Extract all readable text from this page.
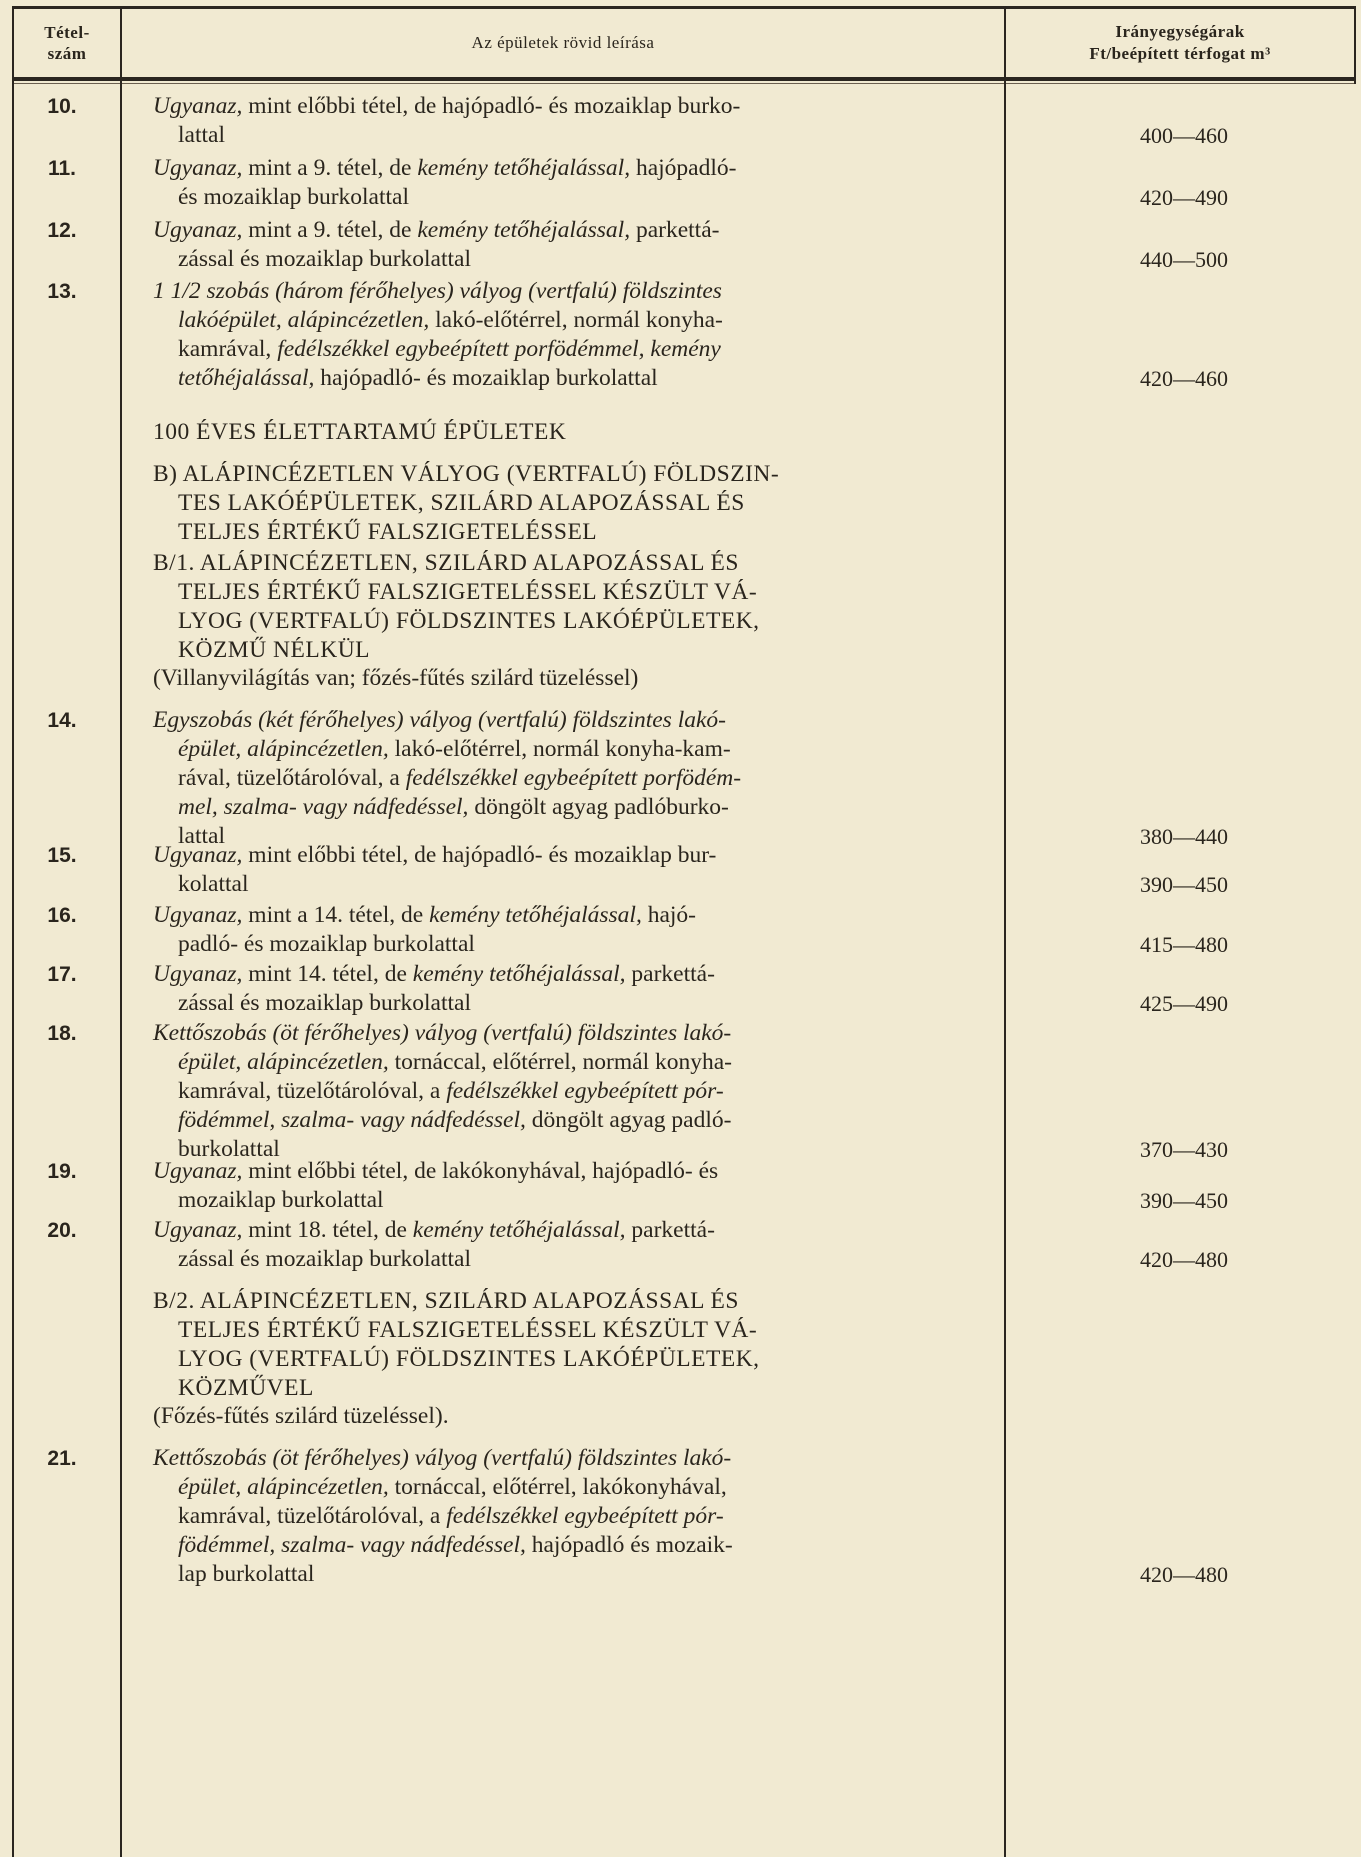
Tétel-
szám
Az épületek rövid leírása
Irányegységárak
Ft/beépített térfogat m³
10.	Ugyanaz, mint előbbi tétel, de hajópadló- és mozaiklap burko-
lattal	400—460
11.	Ugyanaz, mint a 9. tétel, de kemény tetőhéjalással, hajópadló-
és mozaiklap burkolattal	420—490
12.	Ugyanaz, mint a 9. tétel, de kemény tetőhéjalással, parkettá-
zással és mozaiklap burkolattal	440—500
13.	1 1/2 szobás (három férőhelyes) vályog (vertfalú) földszintes
lakóépület, alápincézetlen, lakó-előtérrel, normál konyha-
kamrával, fedélszékkel egybeépített porfödémmel, kemény
tetőhéjalással, hajópadló- és mozaiklap burkolattal	420—460
100 ÉVES ÉLETTARTAMÚ ÉPÜLETEK
B) ALÁPINCÉZETLEN VÁLYOG (VERTFALÚ) FÖLDSZIN-
TES LAKÓÉPÜLETEK, SZILÁRD ALAPOZÁSSAL ÉS
TELJES ÉRTÉKŰ FALSZIGETELÉSSEL
B/1. ALÁPINCÉZETLEN, SZILÁRD ALAPOZÁSSAL ÉS
TELJES ÉRTÉKŰ FALSZIGETELÉSSEL KÉSZÜLT VÁ-
LYOG (VERTFALÚ) FÖLDSZINTES LAKÓÉPÜLETEK,
KÖZMŰ NÉLKÜL
(Villanyvilágítás van; főzés-fűtés szilárd tüzeléssel)
14.	Egyszobás (két férőhelyes) vályog (vertfalú) földszintes lakó-
épület, alápincézetlen, lakó-előtérrel, normál konyha-kam-
rával, tüzelőtárolóval, a fedélszékkel egybeépített porfödém-
mel, szalma- vagy nádfedéssel, döngölt agyag padlóburko-
lattal	380—440
15.	Ugyanaz, mint előbbi tétel, de hajópadló- és mozaiklap bur-
kolattal	390—450
16.	Ugyanaz, mint a 14. tétel, de kemény tetőhéjalással, hajó-
padló- és mozaiklap burkolattal	415—480
17.	Ugyanaz, mint 14. tétel, de kemény tetőhéjalással, parkettá-
zással és mozaiklap burkolattal	425—490
18.	Kettőszobás (öt férőhelyes) vályog (vertfalú) földszintes lakó-
épület, alápincézetlen, tornáccal, előtérrel, normál konyha-
kamrával, tüzelőtárolóval, a fedélszékkel egybeépített pór-
födémmel, szalma- vagy nádfedéssel, döngölt agyag padló-
burkolattal	370—430
19.	Ugyanaz, mint előbbi tétel, de lakókonyhával, hajópadló- és
mozaiklap burkolattal	390—450
20.	Ugyanaz, mint 18. tétel, de kemény tetőhéjalással, parkettá-
zással és mozaiklap burkolattal	420—480
B/2. ALÁPINCÉZETLEN, SZILÁRD ALAPOZÁSSAL ÉS
TELJES ÉRTÉKŰ FALSZIGETELÉSSEL KÉSZÜLT VÁ-
LYOG (VERTFALÚ) FÖLDSZINTES LAKÓÉPÜLETEK,
KÖZMŰVEL
(Főzés-fűtés szilárd tüzeléssel).
21.	Kettőszobás (öt férőhelyes) vályog (vertfalú) földszintes lakó-
épület, alápincézetlen, tornáccal, előtérrel, lakókonyhával,
kamrával, tüzelőtárolóval, a fedélszékkel egybeépített pór-
födémmel, szalma- vagy nádfedéssel, hajópadló és mozaik-
lap burkolattal	420—480
